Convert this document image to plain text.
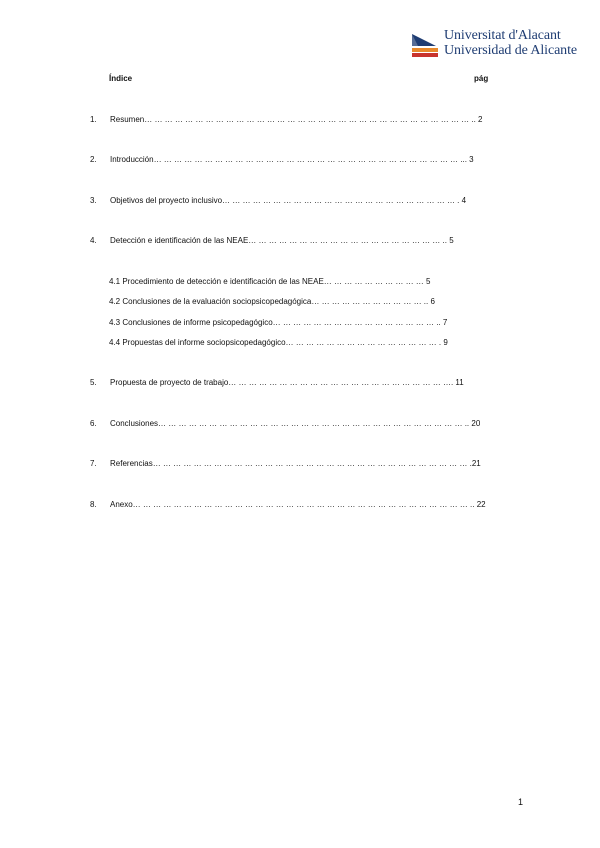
Universitat d'Alacant
Universidad de Alicante
Índice	pág
1.	Resumen… … … … … … … … … … … … … … … … … … … … … … … … … … … … … … … … .. 2
2.	Introducción… … … … … … … … … … … … … … … … … … … … … … … … … … … … … … ... 3
3.	Objetivos del proyecto inclusivo… … … … … … … … … … … … … … … … … … … … … … … . 4
4.	Detección e identificación de las NEAE… … … … … … … … … … … … … … … … … … … .. 5
4.1 Procedimiento de detección e identificación de las NEAE… … … … … … … … … … 5
4.2 Conclusiones de la evaluación sociopsicopedagógica… … … … … … … … … … … .. 6
4.3 Conclusiones de informe psicopedagógico… … … … … … … … … … … … … … … … .. 7
4.4 Propuestas del informe sociopsicopedagógico… … … … … … … … … … … … … … … . 9
5.	Propuesta de proyecto de trabajo… … … … … … … … … … … … … … … … … … … … … …. 11
6.	Conclusiones… … … … … … … … … … … … … … … … … … … … … … … … … … … … … … .. 20
7.	Referencias… … … … … … … … … … … … … … … … … … … … … … … … … … … … … … … .21
8.	Anexo… … … … … … … … … … … … … … … … … … … … … … … … … … … … … … … … … .. 22
1
